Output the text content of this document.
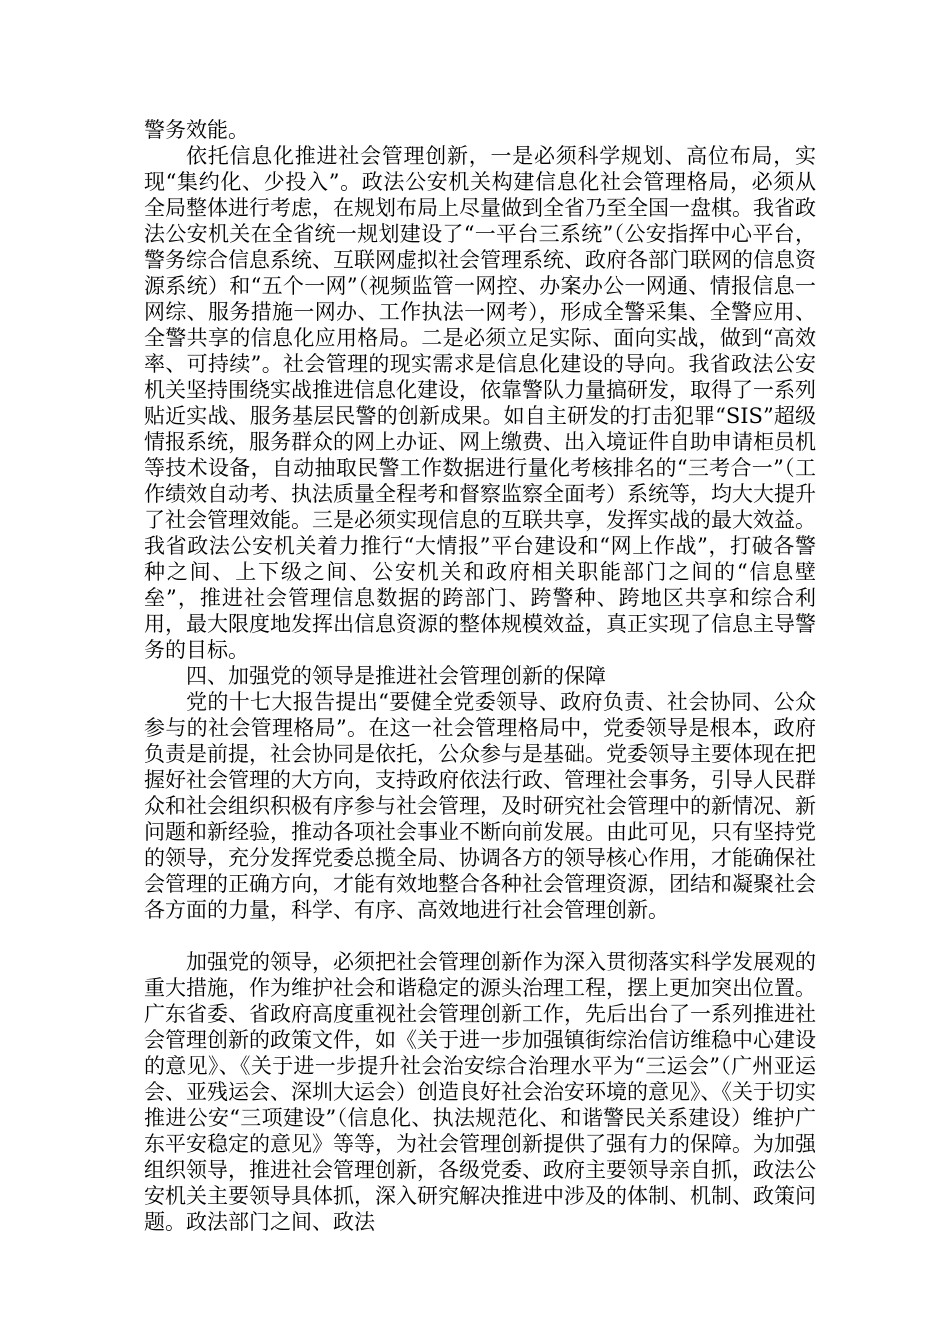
警务效能。

依托信息化推进社会管理创新，一是必须科学规划、高位布局，实现“集约化、少投入”。政法公安机关构建信息化社会管理格局，必须从全局整体进行考虑，在规划布局上尽量做到全省乃至全国一盘棋。我省政法公安机关在全省统一规划建设了“一平台三系统”（公安指挥中心平台，警务综合信息系统、互联网虚拟社会管理系统、政府各部门联网的信息资源系统）和“五个一网”（视频监管一网控、办案办公一网通、情报信息一网综、服务措施一网办、工作执法一网考），形成全警采集、全警应用、全警共享的信息化应用格局。二是必须立足实际、面向实战，做到“高效率、可持续”。社会管理的现实需求是信息化建设的导向。我省政法公安机关坚持围绕实战推进信息化建设，依靠警队力量搞研发，取得了一系列贴近实战、服务基层民警的创新成果。如自主研发的打击犯罪“SIS”超级情报系统，服务群众的网上办证、网上缴费、出入境证件自助申请柜员机等技术设备，自动抽取民警工作数据进行量化考核排名的“三考合一”（工作绩效自动考、执法质量全程考和督察监察全面考）系统等，均大大提升了社会管理效能。三是必须实现信息的互联共享，发挥实战的最大效益。我省政法公安机关着力推行“大情报”平台建设和“网上作战”，打破各警种之间、上下级之间、公安机关和政府相关职能部门之间的“信息壁垒”，推进社会管理信息数据的跨部门、跨警种、跨地区共享和综合利用，最大限度地发挥出信息资源的整体规模效益，真正实现了信息主导警务的目标。

四、加强党的领导是推进社会管理创新的保障

党的十七大报告提出“要健全党委领导、政府负责、社会协同、公众参与的社会管理格局”。在这一社会管理格局中，党委领导是根本，政府负责是前提，社会协同是依托，公众参与是基础。党委领导主要体现在把握好社会管理的大方向，支持政府依法行政、管理社会事务，引导人民群众和社会组织积极有序参与社会管理，及时研究社会管理中的新情况、新问题和新经验，推动各项社会事业不断向前发展。由此可见，只有坚持党的领导，充分发挥党委总揽全局、协调各方的领导核心作用，才能确保社会管理的正确方向，才能有效地整合各种社会管理资源，团结和凝聚社会各方面的力量，科学、有序、高效地进行社会管理创新。

加强党的领导，必须把社会管理创新作为深入贯彻落实科学发展观的重大措施，作为维护社会和谐稳定的源头治理工程，摆上更加突出位置。广东省委、省政府高度重视社会管理创新工作，先后出台了一系列推进社会管理创新的政策文件，如《关于进一步加强镇街综治信访维稳中心建设的意见》、《关于进一步提升社会治安综合治理水平为“三运会”（广州亚运会、亚残运会、深圳大运会）创造良好社会治安环境的意见》、《关于切实推进公安“三项建设”（信息化、执法规范化、和谐警民关系建设）维护广东平安稳定的意见》等等，为社会管理创新提供了强有力的保障。为加强组织领导，推进社会管理创新，各级党委、政府主要领导亲自抓，政法公安机关主要领导具体抓，深入研究解决推进中涉及的体制、机制、政策问题。政法部门之间、政法
